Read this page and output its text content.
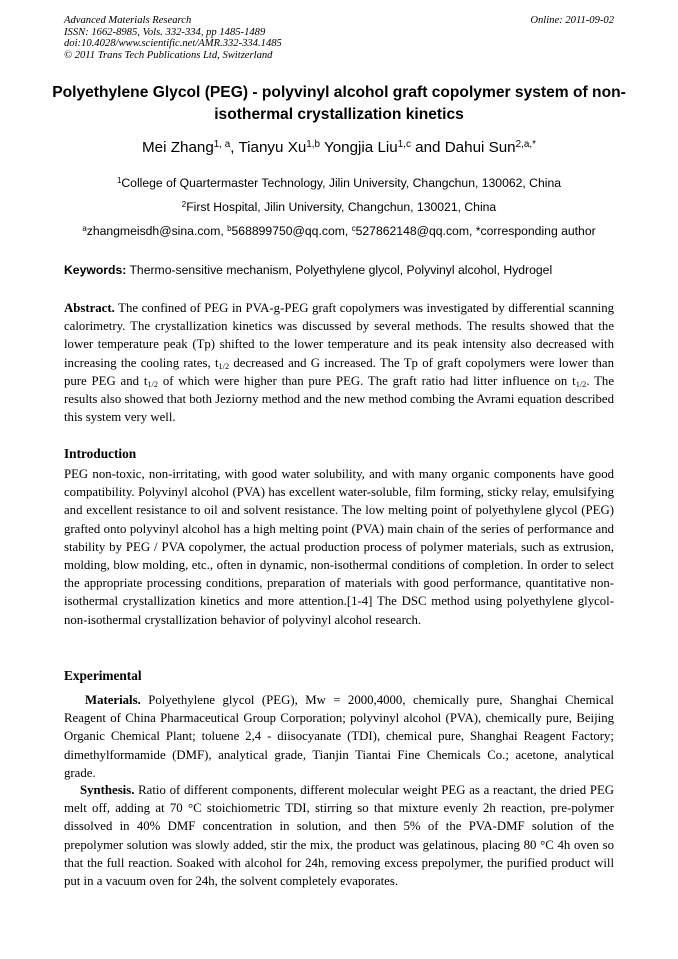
Advanced Materials Research
ISSN: 1662-8985, Vols. 332-334, pp 1485-1489
doi:10.4028/www.scientific.net/AMR.332-334.1485
© 2011 Trans Tech Publications Ltd, Switzerland
Online: 2011-09-02
Polyethylene Glycol (PEG) - polyvinyl alcohol graft copolymer system of non-isothermal crystallization kinetics
Mei Zhang$^{1, a}$, Tianyu Xu$^{1,b}$ Yongjia Liu$^{1,c}$ and Dahui Sun$^{2,a,*}$
$^1$College of Quartermaster Technology, Jilin University, Changchun, 130062, China
$^2$First Hospital, Jilin University, Changchun, 130021, China
$^a$zhangmeisdh@sina.com, $^b$568899750@qq.com, $^c$527862148@qq.com, *corresponding author
Keywords: Thermo-sensitive mechanism, Polyethylene glycol, Polyvinyl alcohol, Hydrogel
Abstract. The confined of PEG in PVA-g-PEG graft copolymers was investigated by differential scanning calorimetry. The crystallization kinetics was discussed by several methods. The results showed that the lower temperature peak (Tp) shifted to the lower temperature and its peak intensity also decreased with increasing the cooling rates, $t_{1/2}$ decreased and G increased. The Tp of graft copolymers were lower than pure PEG and $t_{1/2}$ of which were higher than pure PEG. The graft ratio had litter influence on $t_{1/2}$. The results also showed that both Jeziorny method and the new method combing the Avrami equation described this system very well.
Introduction
PEG non-toxic, non-irritating, with good water solubility, and with many organic components have good compatibility. Polyvinyl alcohol (PVA) has excellent water-soluble, film forming, sticky relay, emulsifying and excellent resistance to oil and solvent resistance. The low melting point of polyethylene glycol (PEG) grafted onto polyvinyl alcohol has a high melting point (PVA) main chain of the series of performance and stability by PEG / PVA copolymer, the actual production process of polymer materials, such as extrusion, molding, blow molding, etc., often in dynamic, non-isothermal conditions of completion. In order to select the appropriate processing conditions, preparation of materials with good performance, quantitative non-isothermal crystallization kinetics and more attention.[1-4] The DSC method using polyethylene glycol-non-isothermal crystallization behavior of polyvinyl alcohol research.
Experimental
Materials. Polyethylene glycol (PEG), Mw = 2000,4000, chemically pure, Shanghai Chemical Reagent of China Pharmaceutical Group Corporation; polyvinyl alcohol (PVA), chemically pure, Beijing Organic Chemical Plant; toluene 2,4 - diisocyanate (TDI), chemical pure, Shanghai Reagent Factory; dimethylformamide (DMF), analytical grade, Tianjin Tiantai Fine Chemicals Co.; acetone, analytical grade.
Synthesis. Ratio of different components, different molecular weight PEG as a reactant, the dried PEG melt off, adding at 70 °C stoichiometric TDI, stirring so that mixture evenly 2h reaction, pre-polymer dissolved in 40% DMF concentration in solution, and then 5% of the PVA-DMF solution of the prepolymer solution was slowly added, stir the mix, the product was gelatinous, placing 80 °C 4h oven so that the full reaction. Soaked with alcohol for 24h, removing excess prepolymer, the purified product will put in a vacuum oven for 24h, the solvent completely evaporates.
